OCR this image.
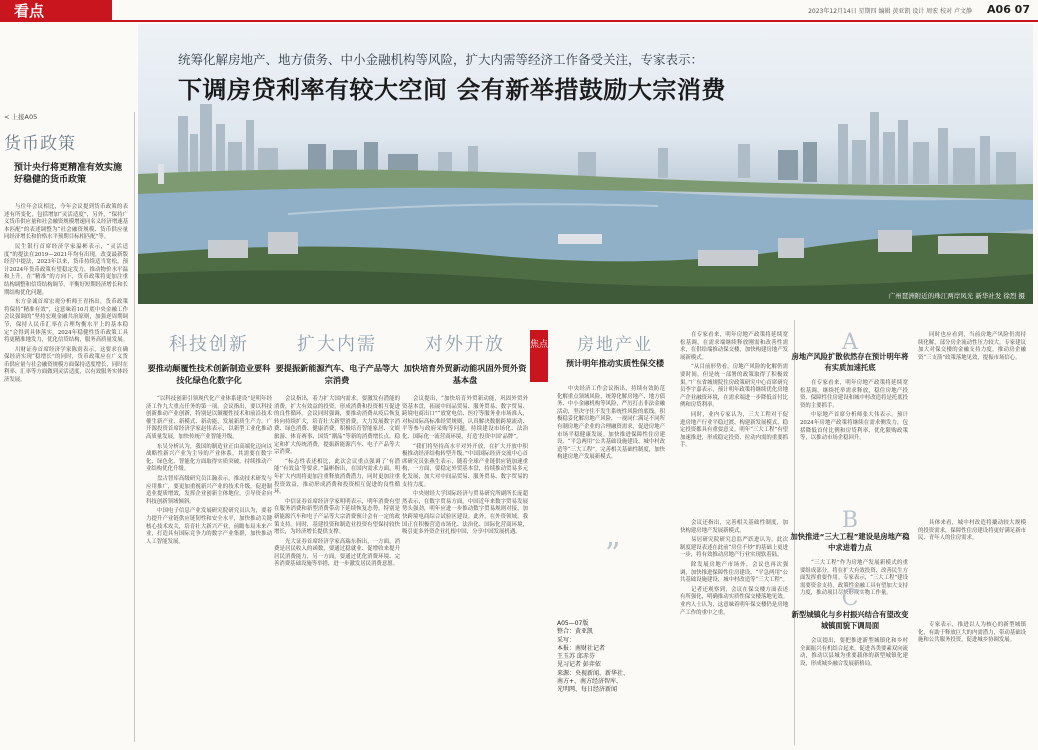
看点	2023年12月14日 星期四 编辑 黄亚凯 设计 周宏 校对 卢文静 A06 07
统筹化解房地产、地方债务、中小金融机构等风险，扩大内需等经济工作备受关注，专家表示：
下调房贷利率有较大空间 会有新举措鼓励大宗消费
广州琶洲附近的珠江两岸风光 新华社发 徐烈 摄
< 上接A05
货币政策
预计央行将更精准有效实施好稳健的货币政策

与往年会议相比，今年会议提到货币政策的表述有所变化，包括增加“灵活适度”，另外，“保持广义货币供应量和社会融资规模增速同名义经济增速基本匹配”的表述调整为“社会融资规模、货币供应量同经济增长和价格水平预期目标相匹配”等。

民生银行首席经济学家温彬表示，“灵活适度”的提法在2019—2021年均有出现，改变最新版经营中提法，2023年以来，货币持续适当宽松，预计2024年货币政策有望稳定发力，推动物价水平温和上升，在“精准”的方向下，货币政策将更加注重结构调整和信贷结构调节，平衡好短期经济增长和长期结构优化问题。

东方金诚首席宏观分析师王青指出，货币政策将保持“精准有效”，这意味着10月底中央金融工作会议强调的“坚持宏观金融共治原则，加强逆周期调节，保持人民币汇率在合理均衡水平上的基本稳定”会得到具体落实，2024年稳健性货币政策工具将更精准地发力，优化信贷结构，服务高质量发展。

川财证券首席经济学家陈雳表示，这要求在确保经济实现“稳增长”的同时，货币政策应在广义货币供应量与社会融资规模方面保持适度增长，同时在利率、汇率等方面做到灵活适度，以有效服务实体经济发展。

科技创新
要推动颠覆性技术创新制造业要科技化绿色化数字化

“以科技创新引领现代化产业体系建设”是明年经济工作九大重点任务的第一项。会议指出，要以科技创新推动产业创新，特别是以颠覆性技术和前沿技术催生新产业、新模式、新动能，发展新质生产力。广开源投资首席经济学家赵伟表示，以新型工业化推动高质量发展，加快传统产业智能升级。

东吴分析认为，我国的制造业正由高端化迈向以战略性新兴产业为主导的产业体系，其需要在数字化、绿色化、智能化方面取得实质突破，持续推动产业结构优化升级。

盘古智库高级研究员江瀚表示，推动技术研发与应用推广，要更加重视新兴产业的技术升级，促进制造业提质增效，发挥企业创新主体地位，引导资金向科技创新领域倾斜。

中国电子信息产业发展研究院研究员认为，要着力提升产业链供应链韧性和安全水平，加快推动关键核心技术攻关，培育壮大新兴产业，前瞻布局未来产业，打造具有国际竞争力的数字产业集群，加快推动人工智能发展。

扩大内需
要提振新能源汽车、电子产品等大宗消费

会议指出，着力扩大国内需求，要激发有潜能的消费，扩大有效益的投资，形成消费和投资相互促进的良性循环。会议同时强调，要推动消费从疫后恢复转向持续扩大，培育壮大新型消费，大力发展数字消费、绿色消费、健康消费，积极培育智能家居、文娱旅游、体育赛事、国货“潮品”等新的消费增长点。稳定和扩大传统消费，提振新能源汽车、电子产品等大宗消费。

“标志性表述相比，此次会议重点强调了‘有潜能’‘有效益’等要求。”温彬指出，在国内需求方面，明年扩大内需将更加注重释放消费潜力，同时更加注重投资效益，推动形成消费和投资相互促进的良性循环。

中信证券首席经济学家明明表示，明年消费有望在服务消费和新型消费带动下延续恢复态势，特别是新能源汽车和电子产品等大宗消费预计会有一定的政策支持。同时，基建投资和制造业投资有望保持较快增长，为经济增长提供支撑。

光大证券首席经济学家高瑞东指出，一方面，消费是居民收入的函数，要通过稳就业、促增收来提升居民消费能力，另一方面，要通过优化消费环境、完善消费基础设施等举措，进一步激发居民消费意愿。

对外开放
加快培育外贸新动能巩固外贸外资基本盘

会议提出，“加快培育外贸新动能，巩固外贸外资基本盘，拓展中间品贸易、服务贸易、数字贸易、跨境电商出口”“放宽电信、医疗等服务业市场准入，对标国际高标准经贸规则，认真解决数据跨境流动、平等参与政府采购等问题，持续建设市场化、法治化、国际化一流营商环境，打造‘投资中国’品牌”。

“我们将坚持高水平对外开放，在扩大开放中积极推动经济结构转型升级。”中国国际经济交流中心首席研究员张燕生表示，随着全球产业链供应链加速重构，一方面，要稳定外贸基本盘，持续推动贸易多元化发展，加大对中间品贸易、服务贸易、数字贸易的支持力度。

中央财经大学国际经济与贸易研究所副所长庞超然表示，在数字贸易方面，中国近年来数字贸易发展势头强劲，明年应进一步推动数字贸易规则对接，加快跨境电商综合试验区建设。此外，在外资领域，我国正在积极营造市场化、法治化、国际化营商环境，吸引更多外资企业扎根中国，分享中国发展机遇。

焦点	房地产业
预计明年推动实质性保交楼

中央经济工作会议指出，持续有效防范化解重点领域风险，统筹化解房地产、地方债务、中小金融机构等风险，严厉打击非法金融活动，坚决守住不发生系统性风险的底线。积极稳妥化解房地产风险，一视同仁满足不同所有制房地产企业的合理融资需求，促进房地产市场平稳健康发展。加快推进保障性住房建设、“平急两用”公共基础设施建设、城中村改造等“三大工程”。完善相关基础性制度，加快构建房地产发展新模式。

”

在专家看来，明年房地产政策将延续宽松基调，在需求端继续释放刚需和改善性需求，在供给端推动保交楼，加快构建房地产发展新模式。

“从目前形势看，房地产风险的化解仍需要时间，但是统一部署的政策取得了积极效果。”广东省城规院住房政策研究中心首席研究员李宇嘉表示，预计明年政策将继续优化房地产企业融资环境，在需求端进一步降低首付比例和房贷利率。

同时，业内专家认为，三大工程对于促进房地产行业平稳过渡、构建新发展模式、稳定投资都具有重要意义。明年“三大工程”有望加速推进，形成稳定投资、拉动内需的重要抓手。

会议还指出，完善相关基础性制度，加快构建房地产发展新模式。

易居研究院研究总监严跃进认为，此次制度建设表述在此前“房住不炒”的基础上更进一步，将有效推动房地产行业实现软着陆。

除发展房地产市场外，会议也再次强调，加快推进保障性住房建设、“平急两用”公共基础设施建设、城中村改造等“三大工程”。

记者还观察到，会议在保交楼方面表述有所强化，明确推动实质性保交楼落地见效。业内人士认为，这意味着明年保交楼仍是房地产工作的重中之重。

A05—07版
整合：黄亚凯
采写：
本报：南财社记者
王玉苏 邱赤芬
见习记者 彭弈依
来源：央视新闻、新华社、
南方+、南方经济智库、
光明网、每日经济新闻
A
房地产风险扩散依然存在预计明年将有实质加速托底

在专家看来，明年房地产政策将延续宽松基调，继续托举需求释放，稳住房地产投资、保障性住房建设和城中村改造将是托底投资的主要抓手。

中原地产首席分析师张大伟表示，预计2024年房地产政策将继续在需求侧发力，包括降低首付比例和房贷利率、优化限购政策等，以推动市场企稳回升。

同时也应看到，当前房地产风险仍需持续化解，部分房企流动性压力较大。专家建议加大对保交楼的金融支持力度，推动房企融资“三支箭”政策落地见效，提振市场信心。

B
加快推进“三大工程”建设是房地产稳中求进着力点

“三大工程”作为房地产发展新模式的重要组成部分，将在扩大有效投资、改善民生方面发挥重要作用。专家表示，“三大工程”建设需要资金支持，政策性金融工具有望加大支持力度，推动项目尽快形成实物工作量。

具体来看，城中村改造将撬动较大规模的投资需求，保障性住房建设将更好满足新市民、青年人的住房需求。

C
新型城镇化与乡村振兴结合有望改变城镇面貌下调局面

会议提出，要把推进新型城镇化和乡村全面振兴有机结合起来，促进各类要素双向流动，推动以县城为重要载体的新型城镇化建设，形成城乡融合发展新格局。

专家表示，推进以人为核心的新型城镇化，有助于释放巨大的内需潜力，带动基础设施和公共服务投资，促进城乡协调发展。
